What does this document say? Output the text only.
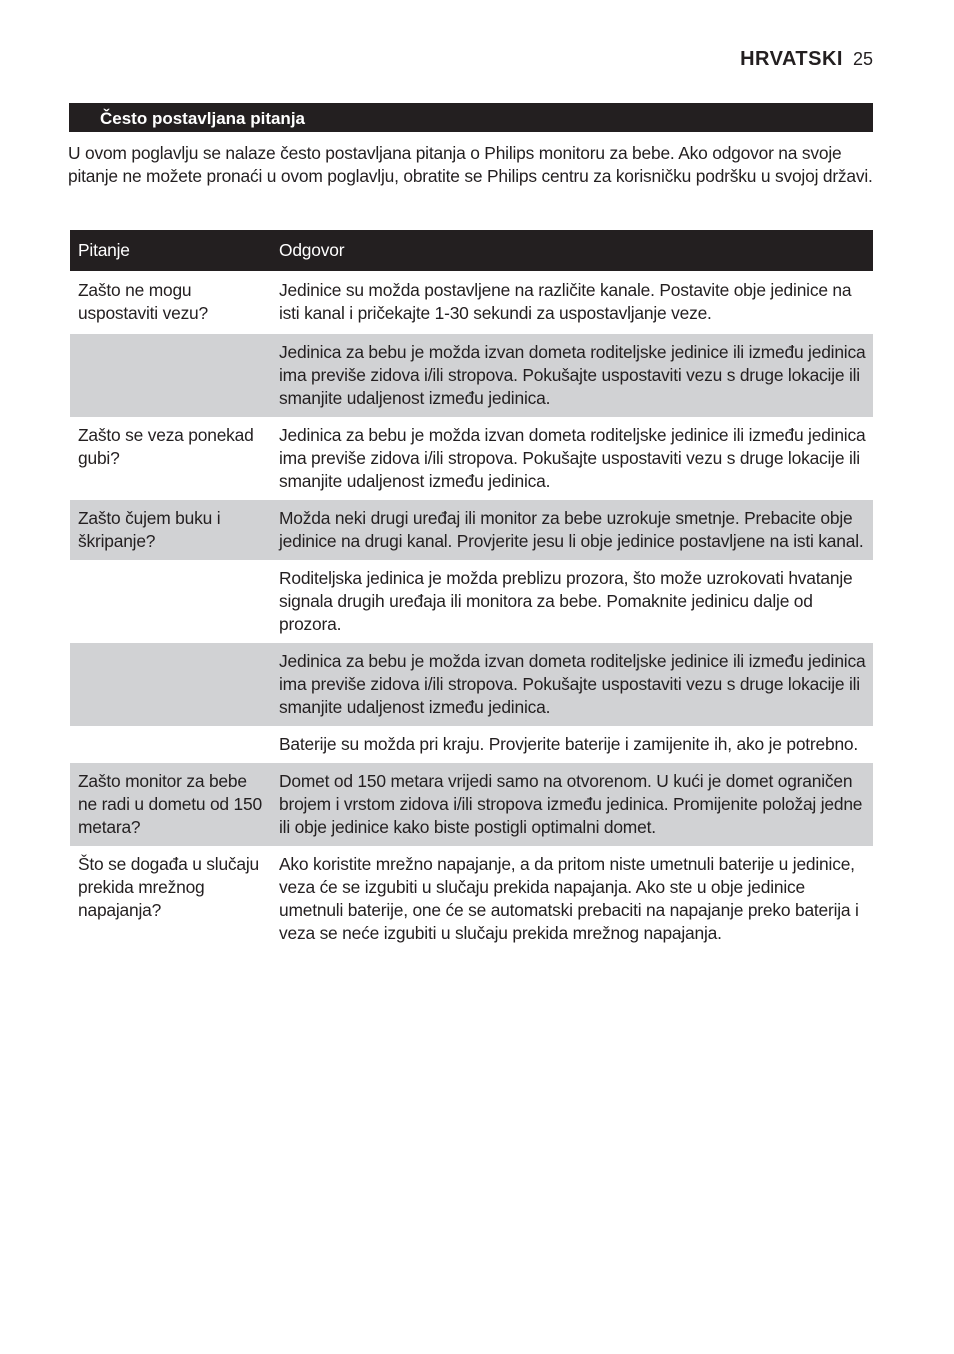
HRVATSKI 25
Često postavljana pitanja

U ovom poglavlju se nalaze često postavljana pitanja o Philips monitoru za bebe. Ako odgovor na svoje pitanje ne možete pronaći u ovom poglavlju, obratite se Philips centru za korisničku podršku u svojoj državi.

Pitanje	Odgovor
Zašto ne mogu uspostaviti vezu?	Jedinice su možda postavljene na različite kanale. Postavite obje jedinice na isti kanal i pričekajte 1-30 sekundi za uspostavljanje veze.
	Jedinica za bebu je možda izvan dometa roditeljske jedinice ili između jedinica ima previše zidova i/ili stropova. Pokušajte uspostaviti vezu s druge lokacije ili smanjite udaljenost između jedinica.
Zašto se veza ponekad gubi?	Jedinica za bebu je možda izvan dometa roditeljske jedinice ili između jedinica ima previše zidova i/ili stropova. Pokušajte uspostaviti vezu s druge lokacije ili smanjite udaljenost između jedinica.
Zašto čujem buku i škripanje?	Možda neki drugi uređaj ili monitor za bebe uzrokuje smetnje. Prebacite obje jedinice na drugi kanal. Provjerite jesu li obje jedinice postavljene na isti kanal.
	Roditeljska jedinica je možda preblizu prozora, što može uzrokovati hvatanje signala drugih uređaja ili monitora za bebe. Pomaknite jedinicu dalje od prozora.
	Jedinica za bebu je možda izvan dometa roditeljske jedinice ili između jedinica ima previše zidova i/ili stropova. Pokušajte uspostaviti vezu s druge lokacije ili smanjite udaljenost između jedinica.
	Baterije su možda pri kraju. Provjerite baterije i zamijenite ih, ako je potrebno.
Zašto monitor za bebe ne radi u dometu od 150 metara?	Domet od 150 metara vrijedi samo na otvorenom. U kući je domet ograničen brojem i vrstom zidova i/ili stropova između jedinica. Promijenite položaj jedne ili obje jedinice kako biste postigli optimalni domet.
Što se događa u slučaju prekida mrežnog napajanja?	Ako koristite mrežno napajanje, a da pritom niste umetnuli baterije u jedinice, veza će se izgubiti u slučaju prekida napajanja. Ako ste u obje jedinice umetnuli baterije, one će se automatski prebaciti na napajanje preko baterija i veza se neće izgubiti u slučaju prekida mrežnog napajanja.
